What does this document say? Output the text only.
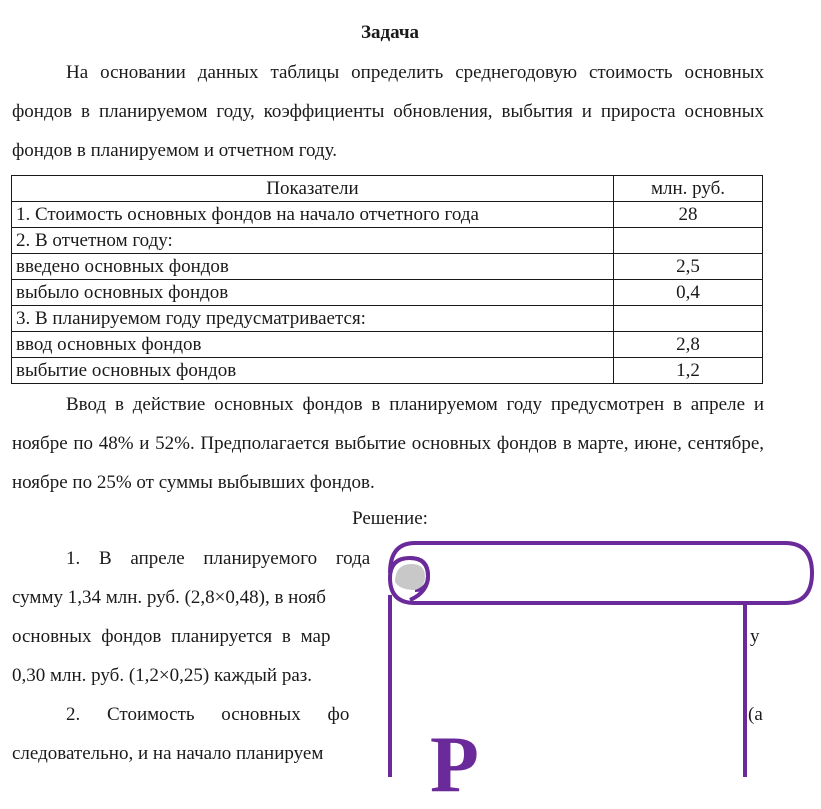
Задача

На основании данных таблицы определить среднегодовую стоимость основных фондов в планируемом году, коэффициенты обновления, выбытия и прироста основных фондов в планируемом и отчетном году.

Показатели	млн. руб.
1. Стоимость основных фондов на начало отчетного года	28
2. В отчетном году:	
введено основных фондов	2,5
выбыло основных фондов	0,4
3. В планируемом году предусматривается:	
ввод основных фондов	2,8
выбытие основных фондов	1,2

Ввод в действие основных фондов в планируемом году предусмотрен в апреле и ноябре по 48% и 52%. Предполагается выбытие основных фондов в марте, июне, сентябре, ноябре по 25% от суммы выбывших фондов.

Решение:
1. В апреле планируемого года
сумму 1,34 млн. руб. (2,8×0,48), в нояб
основных фондов планируется в мар	у
0,30 млн. руб. (1,2×0,25) каждый раз.
2. Стоимость основных фо	(а
следовательно, и на начало планируем Р
